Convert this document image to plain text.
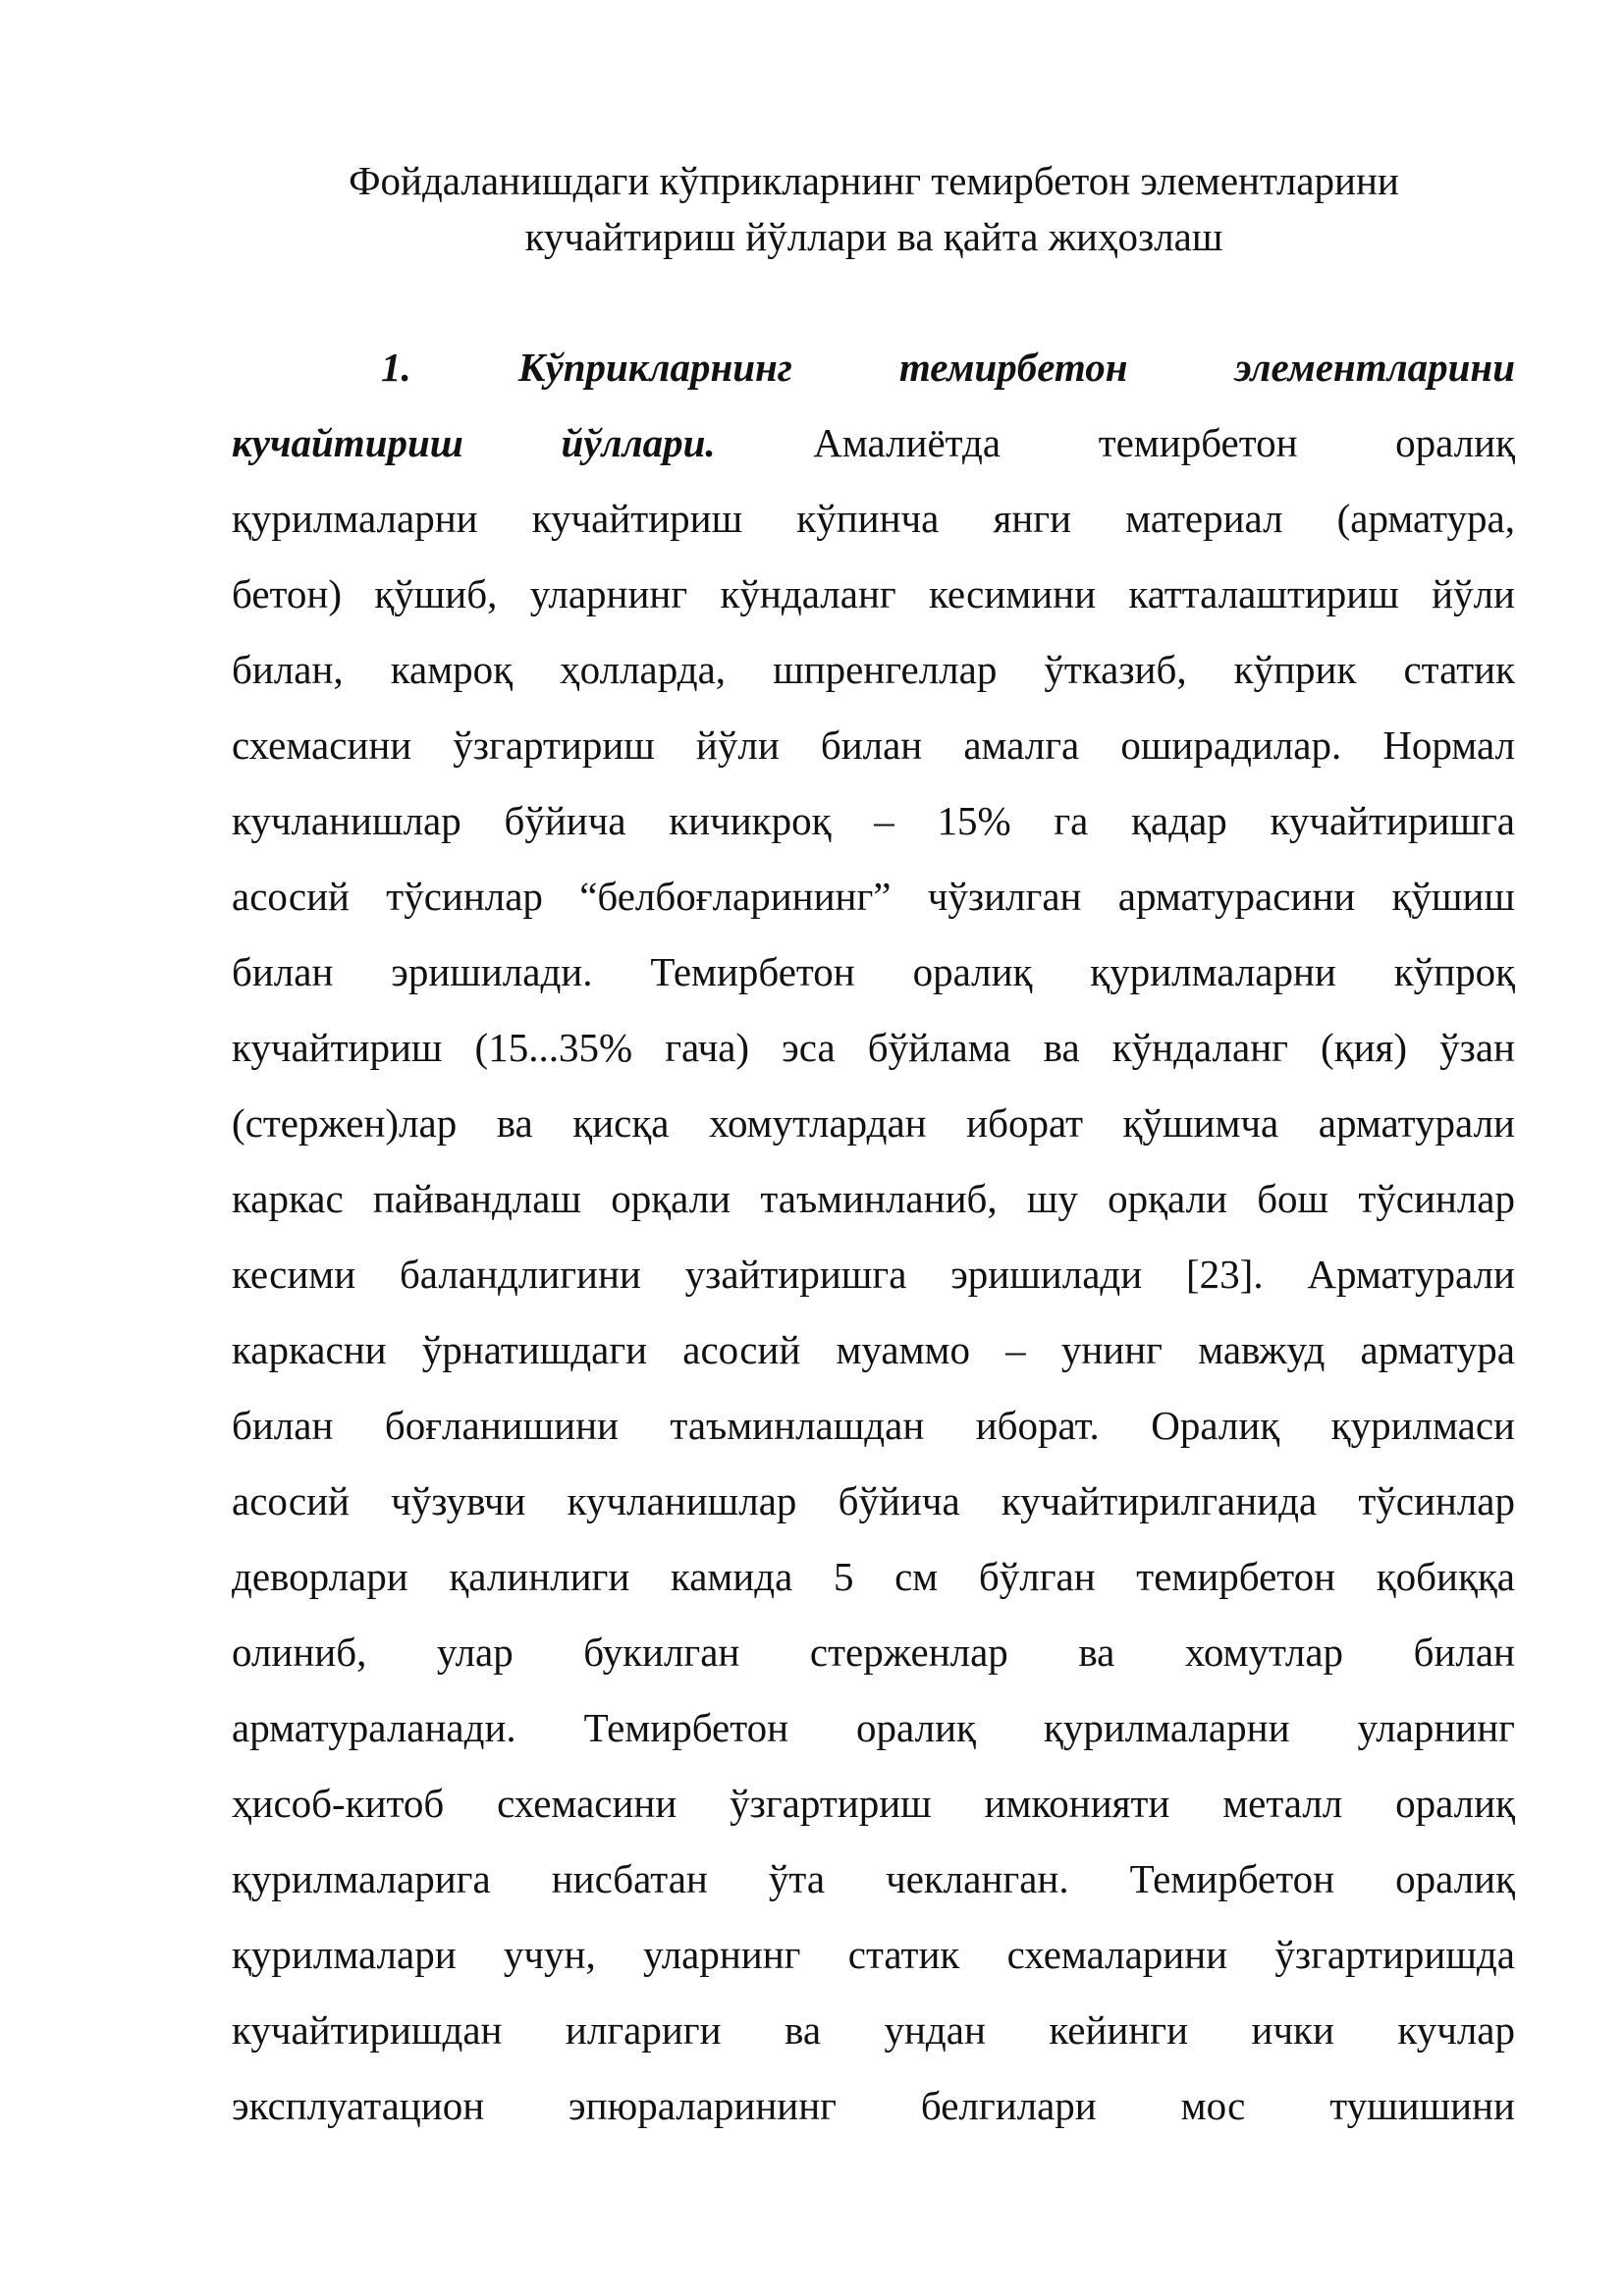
Фойдаланишдаги кўприкларнинг темирбетон элементларини
кучайтириш йўллари ва қайта жиҳозлаш
1. Кўприкларнинг темирбетон элементларини
кучайтириш йўллари. Амалиётда темирбетон оралиқ
қурилмаларни кучайтириш кўпинча янги материал (арматура,
бетон) қўшиб, уларнинг кўндаланг кесимини катталаштириш йўли
билан, камроқ ҳолларда, шпренгеллар ўтказиб, кўприк статик
схемасини ўзгартириш йўли билан амалга оширадилар. Нормал
кучланишлар бўйича кичикроқ – 15% га қадар кучайтиришга
асосий тўсинлар “белбоғларининг” чўзилган арматурасини қўшиш
билан эришилади. Темирбетон оралиқ қурилмаларни кўпроқ
кучайтириш (15...35% гача) эса бўйлама ва кўндаланг (қия) ўзан
(стержен)лар ва қисқа хомутлардан иборат қўшимча арматурали
каркас пайвандлаш орқали таъминланиб, шу орқали бош тўсинлар
кесими баландлигини узайтиришга эришилади [23]. Арматурали
каркасни ўрнатишдаги асосий муаммо – унинг мавжуд арматура
билан боғланишини таъминлашдан иборат. Оралиқ қурилмаси
асосий чўзувчи кучланишлар бўйича кучайтирилганида тўсинлар
деворлари қалинлиги камида 5 см бўлган темирбетон қобиққа
олиниб, улар букилган стерженлар ва хомутлар билан
арматураланади. Темирбетон оралиқ қурилмаларни уларнинг
ҳисоб-китоб схемасини ўзгартириш имконияти металл оралиқ
қурилмаларига нисбатан ўта чекланган. Темирбетон оралиқ
қурилмалари учун, уларнинг статик схемаларини ўзгартиришда
кучайтиришдан илгариги ва ундан кейинги ички кучлар
эксплуатацион эпюраларининг белгилари мос тушишини
